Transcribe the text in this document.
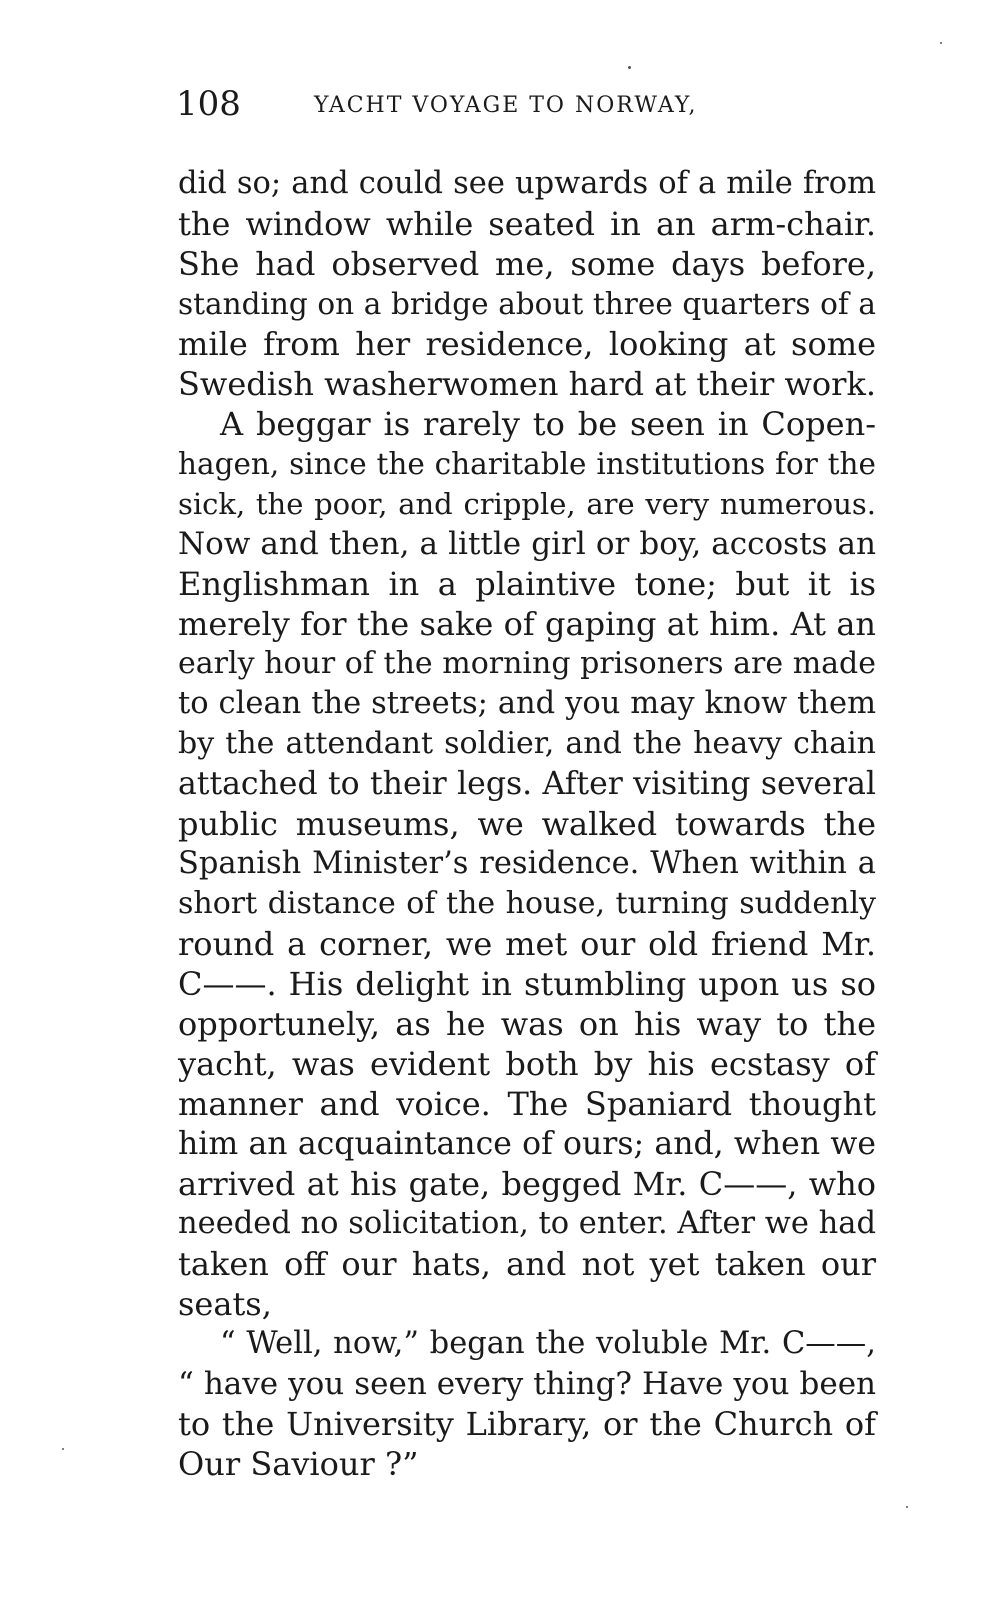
108	YACHT VOYAGE TO NORWAY,
did so; and could see upwards of a mile from
the window while seated in an arm-chair.
She had observed me, some days before,
standing on a bridge about three quarters of a
mile from her residence, looking at some
Swedish washerwomen hard at their work.
A beggar is rarely to be seen in Copen-
hagen, since the charitable institutions for the
sick, the poor, and cripple, are very numerous.
Now and then, a little girl or boy, accosts an
Englishman in a plaintive tone; but it is
merely for the sake of gaping at him. At an
early hour of the morning prisoners are made
to clean the streets; and you may know them
by the attendant soldier, and the heavy chain
attached to their legs. After visiting several
public museums, we walked towards the
Spanish Minister’s residence. When within a
short distance of the house, turning suddenly
round a corner, we met our old friend Mr.
C——. His delight in stumbling upon us so
opportunely, as he was on his way to the
yacht, was evident both by his ecstasy of
manner and voice. The Spaniard thought
him an acquaintance of ours; and, when we
arrived at his gate, begged Mr. C——, who
needed no solicitation, to enter. After we had
taken off our hats, and not yet taken our
seats,
“ Well, now,” began the voluble Mr. C——,
“ have you seen every thing? Have you been
to the University Library, or the Church of
Our Saviour ?”
